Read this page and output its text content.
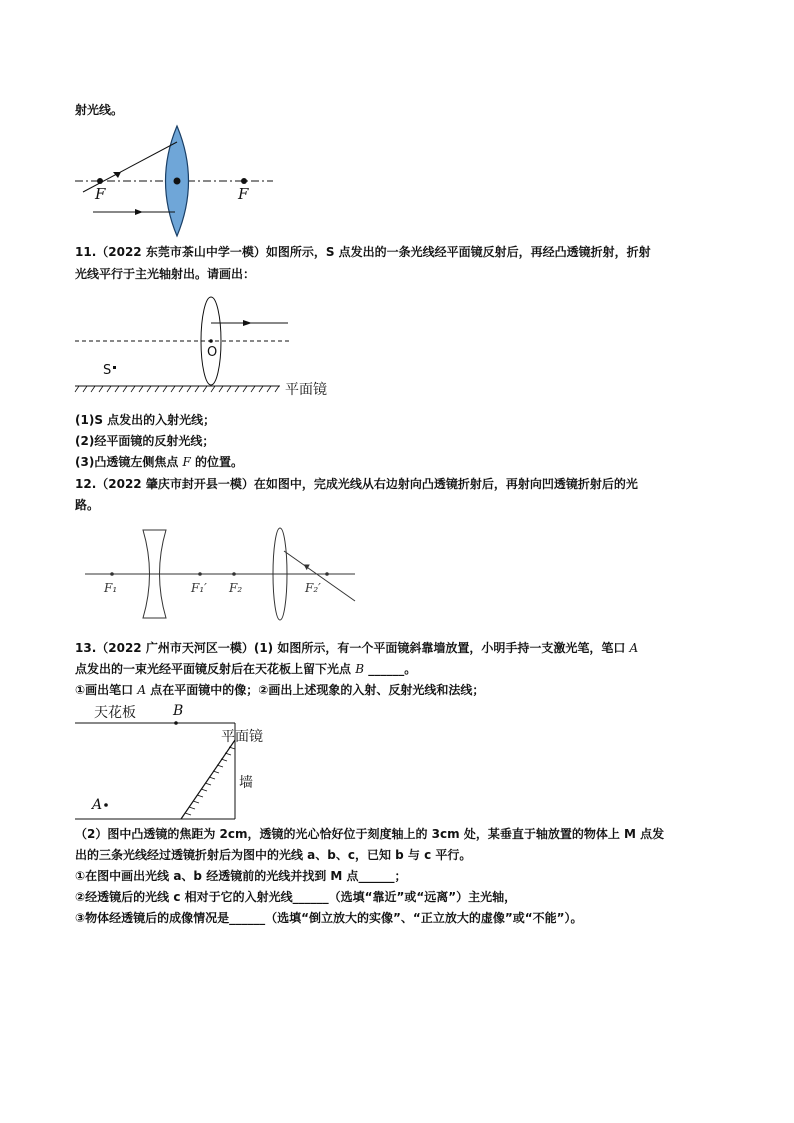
射光线。
F	F
11.（2022 东莞市茶山中学一模）如图所示，S 点发出的一条光线经平面镜反射后，再经凸透镜折射，折射
光线平行于主光轴射出。请画出：
O
S
平面镜
(1)S 点发出的入射光线；
(2)经平面镜的反射光线；
(3)凸透镜左侧焦点 F 的位置。
12.（2022 肇庆市封开县一模）在如图中，完成光线从右边射向凸透镜折射后，再射向凹透镜折射后的光
路。
F₁	F₁′ F₂	F₂′
13.（2022 广州市天河区一模）(1) 如图所示，有一个平面镜斜靠墙放置，小明手持一支激光笔，笔口 A
点发出的一束光经平面镜反射后在天花板上留下光点 B ______。
①画出笔口 A 点在平面镜中的像；②画出上述现象的入射、反射光线和法线；
天花板	B
平面镜
墙
A
（2）图中凸透镜的焦距为 2cm，透镜的光心恰好位于刻度轴上的 3cm 处，某垂直于轴放置的物体上 M 点发
出的三条光线经过透镜折射后为图中的光线 a、b、c，已知 b 与 c 平行。
①在图中画出光线 a、b 经透镜前的光线并找到 M 点______；
②经透镜后的光线 c 相对于它的入射光线______（选填“靠近”或“远离”）主光轴，
③物体经透镜后的成像情况是______（选填“倒立放大的实像”、“正立放大的虚像”或“不能”）。
